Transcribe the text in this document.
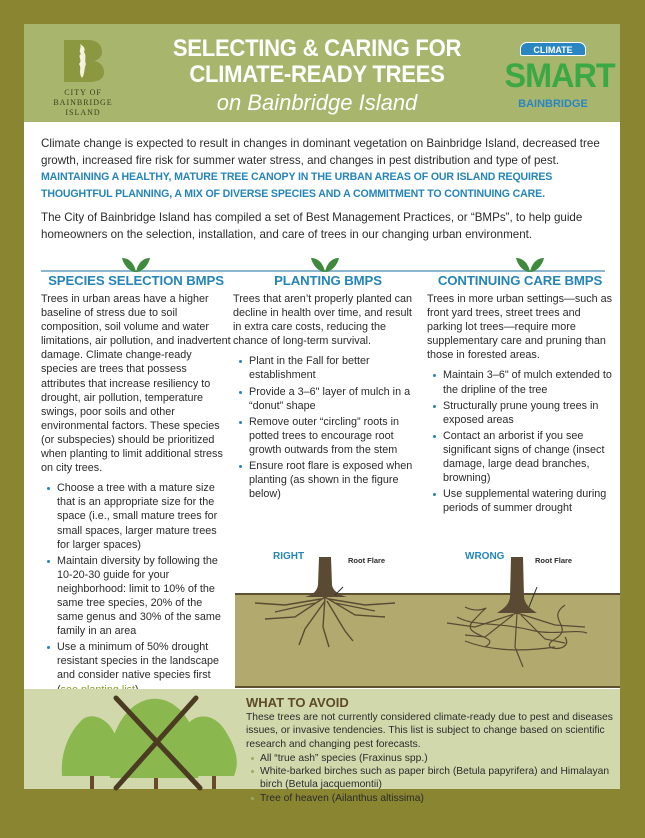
CITY OF
BAINBRIDGE ISLAND
SELECTING & CARING FOR
CLIMATE-READY TREES
on Bainbridge Island
CLIMATE
SMART
BAINBRIDGE

Climate change is expected to result in changes in dominant vegetation on Bainbridge Island, decreased tree growth, increased fire risk for summer water stress, and changes in pest distribution and type of pest. MAINTAINING A HEALTHY, MATURE TREE CANOPY IN THE URBAN AREAS OF OUR ISLAND REQUIRES THOUGHTFUL PLANNING, A MIX OF DIVERSE SPECIES AND A COMMITMENT TO CONTINUING CARE.

The City of Bainbridge Island has compiled a set of Best Management Practices, or “BMPs”, to help guide homeowners on the selection, installation, and care of trees in our changing urban environment.

SPECIES SELECTION BMPS

Trees in urban areas have a higher baseline of stress due to soil composition, soil volume and water limitations, air pollution, and inadvertent damage. Climate change-ready species are trees that possess attributes that increase resiliency to drought, air pollution, temperature swings, poor soils and other environmental factors. These species (or subspecies) should be prioritized when planting to limit additional stress on city trees.

Choose a tree with a mature size that is an appropriate size for the space (i.e., small mature trees for small spaces, larger mature trees for larger spaces)
Maintain diversity by following the 10-20-30 guide for your neighborhood: limit to 10% of the same tree species, 20% of the same genus and 30% of the same family in an area
Use a minimum of 50% drought resistant species in the landscape and consider native species first
PLANTING BMPS

Trees that aren’t properly planted can decline in health over time, and result in extra care costs, reducing the chance of long-term survival.

Plant in the Fall for better establishment
Provide a 3–6" layer of mulch in a “donut” shape
Remove outer “circling” roots in potted trees to encourage root growth outwards from the stem
Ensure root flare is exposed when planting (as shown in the figure below)
CONTINUING CARE BMPS

Trees in more urban settings—such as front yard trees, street trees and parking lot trees—require more supplementary care and pruning than those in forested areas.

Maintain 3–6" of mulch extended to the dripline of the tree
Structurally prune young trees in exposed areas
Contact an arborist if you see significant signs of change (insect damage, large dead branches, browning)
Use supplemental watering during periods of summer drought
RIGHT	Root Flare	WRONG	Root Flare
WHAT TO AVOID

These trees are not currently considered climate-ready due to pest and diseases issues, or invasive tendencies. This list is subject to change based on scientific research and changing pest forecasts.

All “true ash” species (Fraxinus spp.)
White-barked birches such as paper birch (Betula papyrifera) and Himalayan birch (Betula jacquemontii)
Tree of heaven (Ailanthus altissima)
